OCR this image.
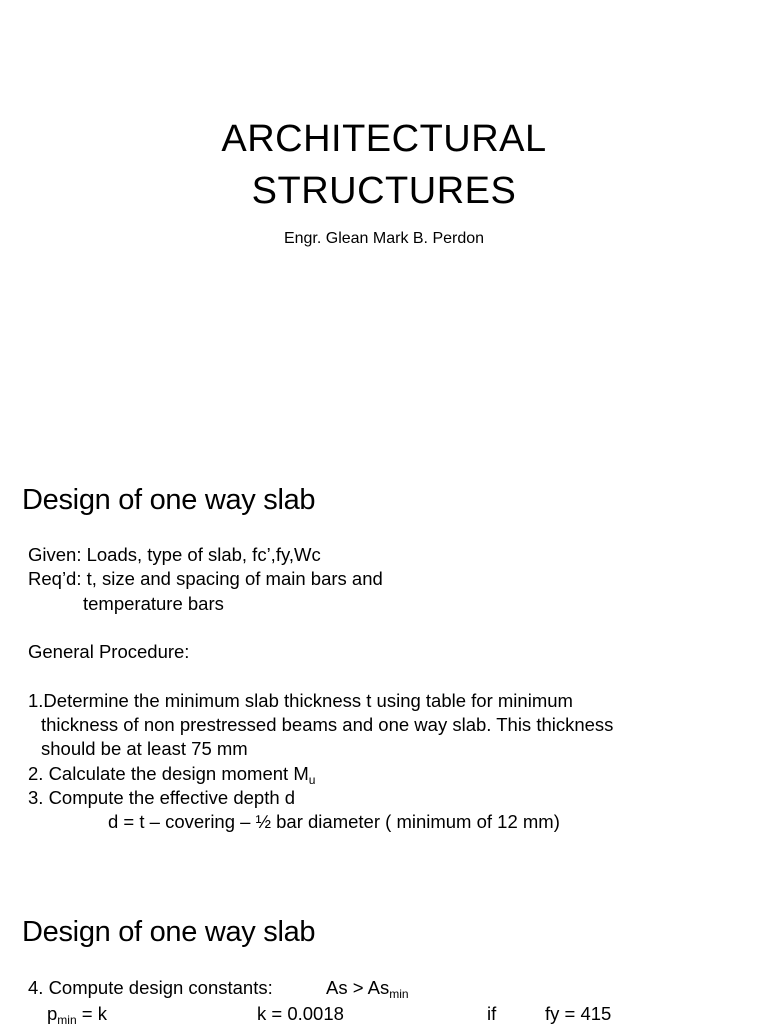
ARCHITECTURAL
STRUCTURES
Engr. Glean Mark B. Perdon
Design of one way slab
Given: Loads, type of slab, fc’,fy,Wc
Req’d: t, size and spacing of main bars and
temperature bars
General Procedure:
1.Determine the minimum slab thickness t using table for minimum
thickness of non prestressed beams and one way slab. This thickness
should be at least 75 mm
2. Calculate the design moment $M_u$
3. Compute the effective depth d
d = t – covering – ½ bar diameter ( minimum of 12 mm)
Design of one way slab
4. Compute design constants:	$As > As_{min}$
$p_{min} = k$	k = 0.0018	if	fy = 415
